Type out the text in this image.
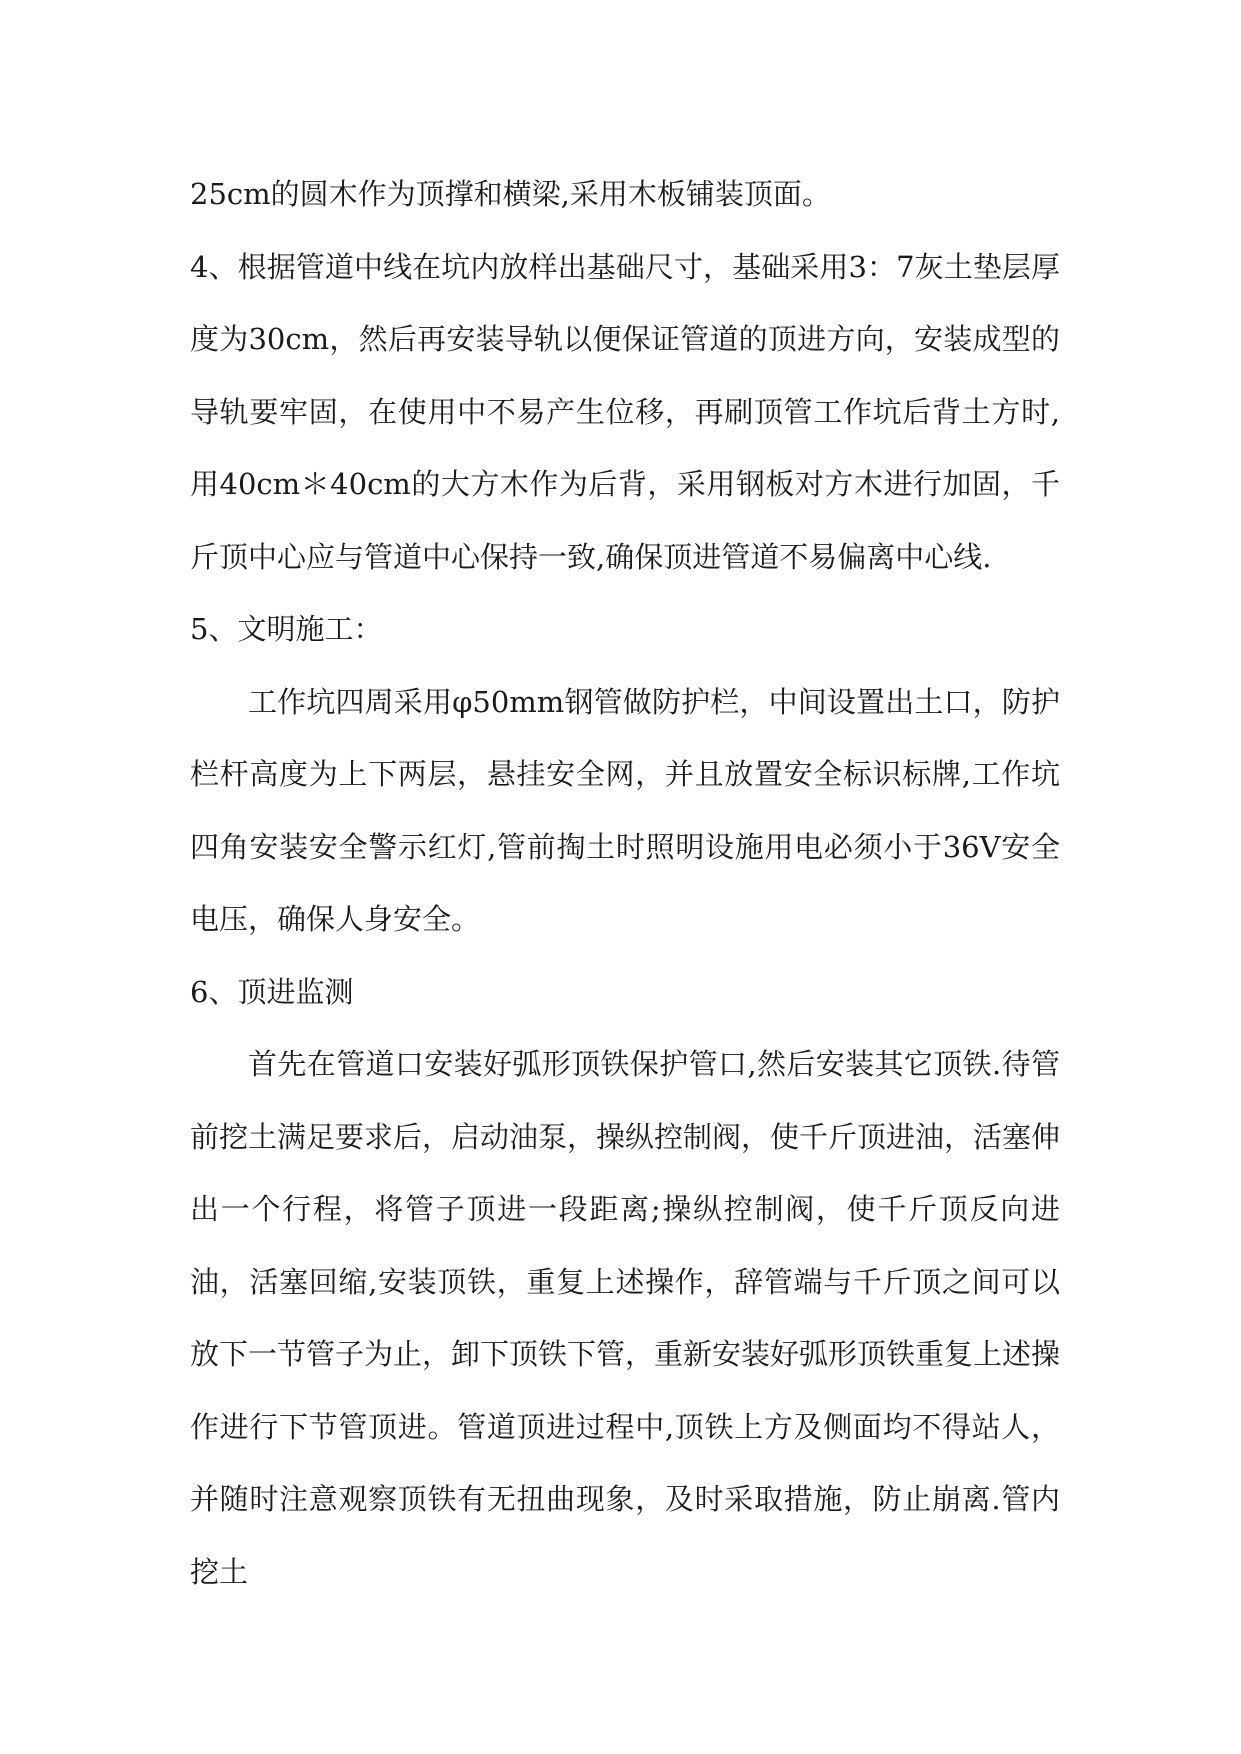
25cm的圆木作为顶撑和横梁,采用木板铺装顶面。

4、根据管道中线在坑内放样出基础尺寸，基础采用3：7灰土垫层厚度为30cm，然后再安装导轨以便保证管道的顶进方向，安装成型的导轨要牢固，在使用中不易产生位移，再刷顶管工作坑后背土方时,用40cm＊40cm的大方木作为后背，采用钢板对方木进行加固，千斤顶中心应与管道中心保持一致,确保顶进管道不易偏离中心线.

5、文明施工：

工作坑四周采用φ50mm钢管做防护栏，中间设置出土口，防护栏杆高度为上下两层，悬挂安全网，并且放置安全标识标牌,工作坑四角安装安全警示红灯,管前掏土时照明设施用电必须小于36V安全电压，确保人身安全。

6、顶进监测

首先在管道口安装好弧形顶铁保护管口,然后安装其它顶铁.待管前挖土满足要求后，启动油泵，操纵控制阀，使千斤顶进油，活塞伸出一个行程，将管子顶进一段距离;操纵控制阀，使千斤顶反向进油，活塞回缩,安装顶铁，重复上述操作，辞管端与千斤顶之间可以放下一节管子为止，卸下顶铁下管，重新安装好弧形顶铁重复上述操作进行下节管顶进。管道顶进过程中,顶铁上方及侧面均不得站人，并随时注意观察顶铁有无扭曲现象，及时采取措施，防止崩离.管内挖土
